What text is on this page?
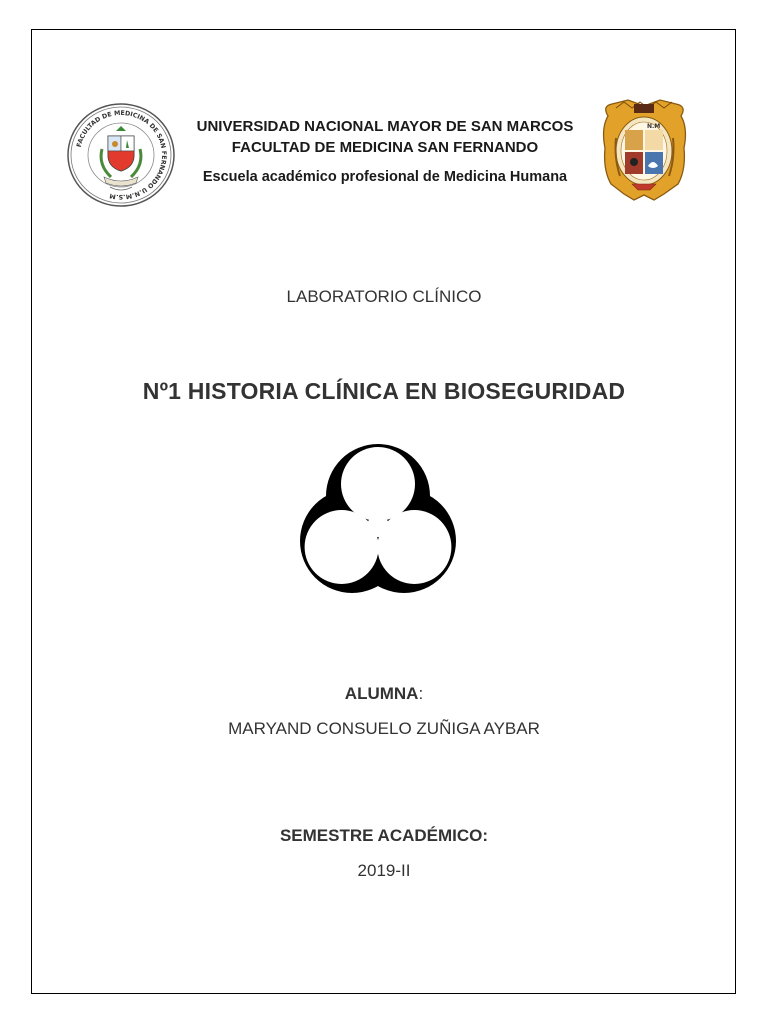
FACULTAD DE MEDICINA DE SAN FERNANDO U.N.M.S.M
N.M
UNIVERSIDAD NACIONAL MAYOR DE SAN MARCOS
FACULTAD DE MEDICINA SAN FERNANDO
Escuela académico profesional de Medicina Humana
LABORATORIO CLÍNICO
Nº1 HISTORIA CLÍNICA EN BIOSEGURIDAD
ALUMNA:
MARYAND CONSUELO ZUÑIGA AYBAR
SEMESTRE ACADÉMICO:
2019-II
